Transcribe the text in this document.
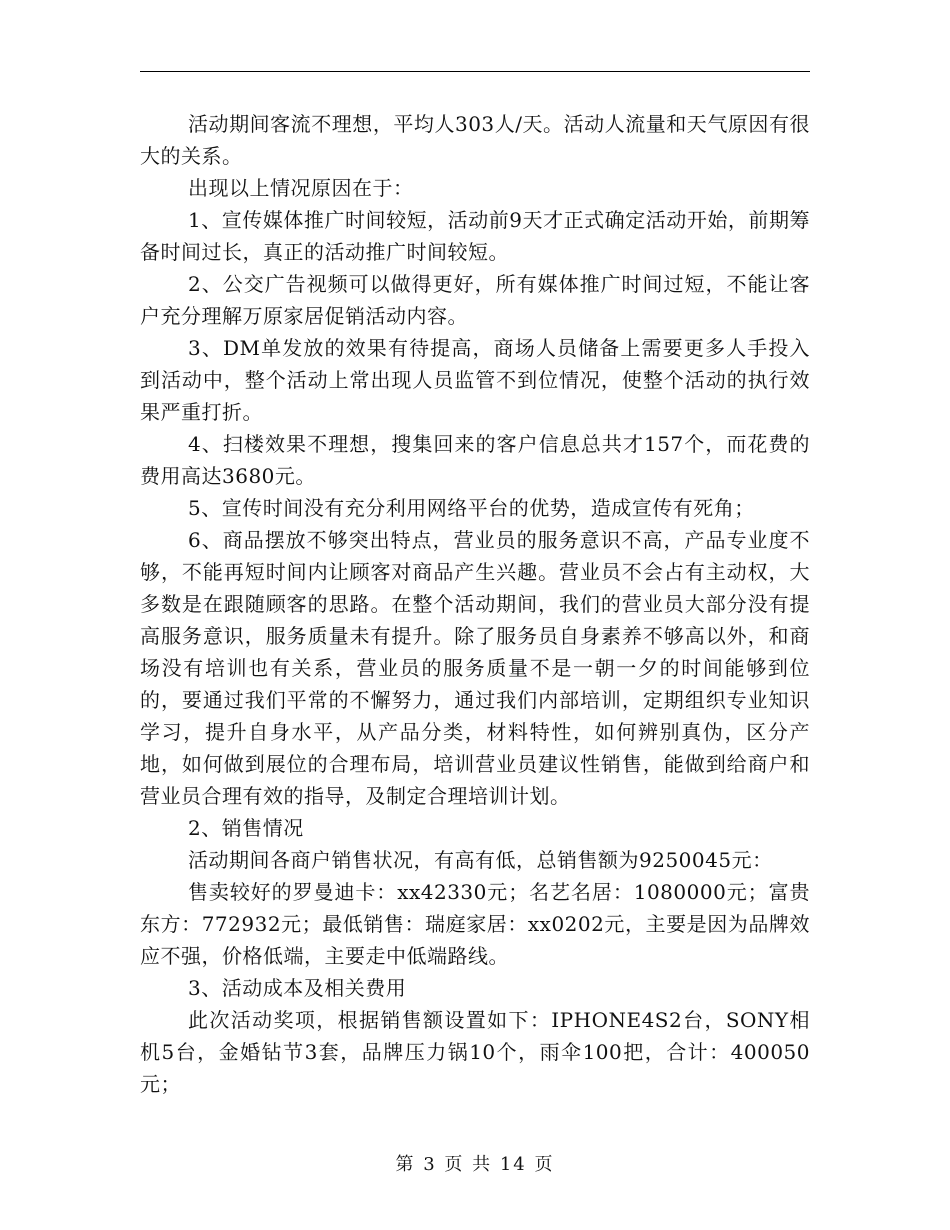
活动期间客流不理想，平均人303人/天。活动人流量和天气原因有很大的关系。

出现以上情况原因在于：

1、宣传媒体推广时间较短，活动前9天才正式确定活动开始，前期筹备时间过长，真正的活动推广时间较短。

2、公交广告视频可以做得更好，所有媒体推广时间过短，不能让客户充分理解万原家居促销活动内容。

3、DM单发放的效果有待提高，商场人员储备上需要更多人手投入到活动中，整个活动上常出现人员监管不到位情况，使整个活动的执行效果严重打折。

4、扫楼效果不理想，搜集回来的客户信息总共才157个，而花费的费用高达3680元。

5、宣传时间没有充分利用网络平台的优势，造成宣传有死角；

6、商品摆放不够突出特点，营业员的服务意识不高，产品专业度不够，不能再短时间内让顾客对商品产生兴趣。营业员不会占有主动权，大多数是在跟随顾客的思路。在整个活动期间，我们的营业员大部分没有提高服务意识，服务质量未有提升。除了服务员自身素养不够高以外，和商场没有培训也有关系，营业员的服务质量不是一朝一夕的时间能够到位的，要通过我们平常的不懈努力，通过我们内部培训，定期组织专业知识学习，提升自身水平，从产品分类，材料特性，如何辨别真伪，区分产地，如何做到展位的合理布局，培训营业员建议性销售，能做到给商户和营业员合理有效的指导，及制定合理培训计划。

2、销售情况

活动期间各商户销售状况，有高有低，总销售额为9250045元：

售卖较好的罗曼迪卡：xx42330元；名艺名居：1080000元；富贵东方：772932元；最低销售：瑞庭家居：xx0202元，主要是因为品牌效应不强，价格低端，主要走中低端路线。

3、活动成本及相关费用

此次活动奖项，根据销售额设置如下：IPHONE4S2台，SONY相机5台，金婚钻节3套，品牌压力锅10个，雨伞100把，合计：400050元；

第 3 页 共 14 页
